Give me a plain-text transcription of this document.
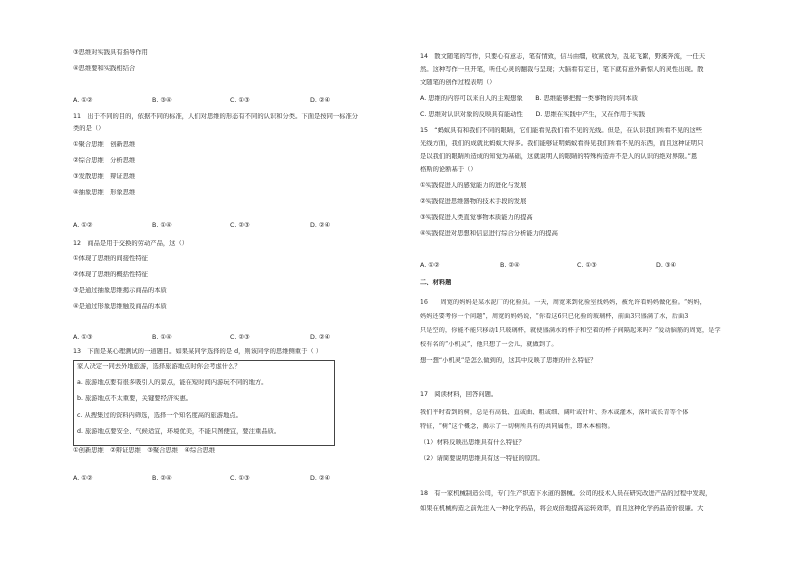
③思维对实践具有指导作用
④思维要和实践相结合
A. ①②	B. ③④	C. ①③	D. ②④
11　出于不同的目的，依据不同的标准，人们对思维的形态有不同的认识和分类。下面是按同一标准分
类的是（）
①聚合思维　创新思维
②综合思维　分析思维
③发散思维　辩证思维
④抽象思维　形象思维
A. ①②	B. ①④	C. ②③	D. ②④
12　商品是用于交换的劳动产品，这（）
①体现了思维的间接性特征
②体现了思维的概括性特征
③是通过抽象思维揭示商品的本质
④是通过形象思维触及商品的本质
A. ①③	B. ①④	C. ②③	D. ②④
13　下面是某心理测试的一道题目。如果某同学选择的是 d，则该同学的思维侧重于（ ）
家人决定一同去外地旅游，选择旅游地点时你会考虑什么？
a. 旅游地点要有很多吸引人的景点，能在短时间内游玩不同的地方。
b. 旅游地点不太重要，关键要经济实惠。
c. 从搜集过的资料内筛选，选择一个知名度高的旅游地点。
d. 旅游地点要安全、气候适宜，环境优美，不能只图便宜，要注重品质。
①创新思维　②辩证思维　③聚合思维　④综合思维
A. ①②	B. ②④	C. ①③	D. ②④
14　散文随笔的写作，只要心有意志，笔有情致，信马由缰，收紧放为，乱花飞絮，野溪奔流，一任天
然。这种写作一旦开笔，听任心灵的翻裁与呈现；大脑看有定日，笔下就有意外新惊人的灵性出现。散
文随笔的创作过程表明（）
A. 思维的内容可以来自人的主观想象　　B. 思维能够把握一类事物的共同本质
C. 思维对认识对象的反映具有能动性　　D. 思维在实践中产生，又在作用于实践
15　“蚂蚁具有和我们不同的眼睛，它们能看见我们看不见的光线。但是，在认识我们所看不见的这些
光线方面，我们的成就比蚂蚁大得多。我们能够证明蚂蚁看得见我们所看不见的东西，而且这种证明只
是以我们的眼睛所造成的知觉为基础，这就说明人的眼睛的特殊构造并不是人的认识的绝对界限。”恩
格斯的论断基于（）
①实践促进人的感觉能力的进化与发展
②实践促进思维器物的技术手段的发展
③实践促进人类直觉事物本质能力的提高
④实践促进对思想和信息进行综合分析能力的提高
A. ①②	B. ②④	C. ①③	D. ③④
二、材料题
16　　周宽的妈妈是某水泥厂的化验员。一天，周宽来到化验室找妈妈，被允许看妈妈做化验。“妈妈，
妈妈还要考你一个问题”，周宽的妈妈说，“你看这6只已化验的玻璃杯，前面3只盛满了水，后面3
只是空的，你能不能只移动1只玻璃杯，就使盛满水的杯子和空着的杯子间隔起来吗？”爱动脑筋的周宽，是学
校有名的“小机灵”，他只想了一会儿，就做到了。
想一想“小机灵”是怎么做到的，这其中反映了思维的什么特征？
17　阅读材料，回答问题。
我们平时看到的树，总是有高低、直或曲、粗或细、阔叶或针叶、乔木或灌木，落叶或长青等个体
特征，“树”这个概念，揭示了一切树所具有的共同属性，即木本植物。
（1）材料反映出思维具有什么特征？
（2）请简要说明思维具有这一特征的原因。
18　有一家机械制造公司，专门生产织造下水道的器械。公司的技术人员在研究改进产品的过程中发现，
如果在机械构造之前先注入一种化学药品，将会成倍地提高运转效率，而且这种化学药品造价很廉。大
